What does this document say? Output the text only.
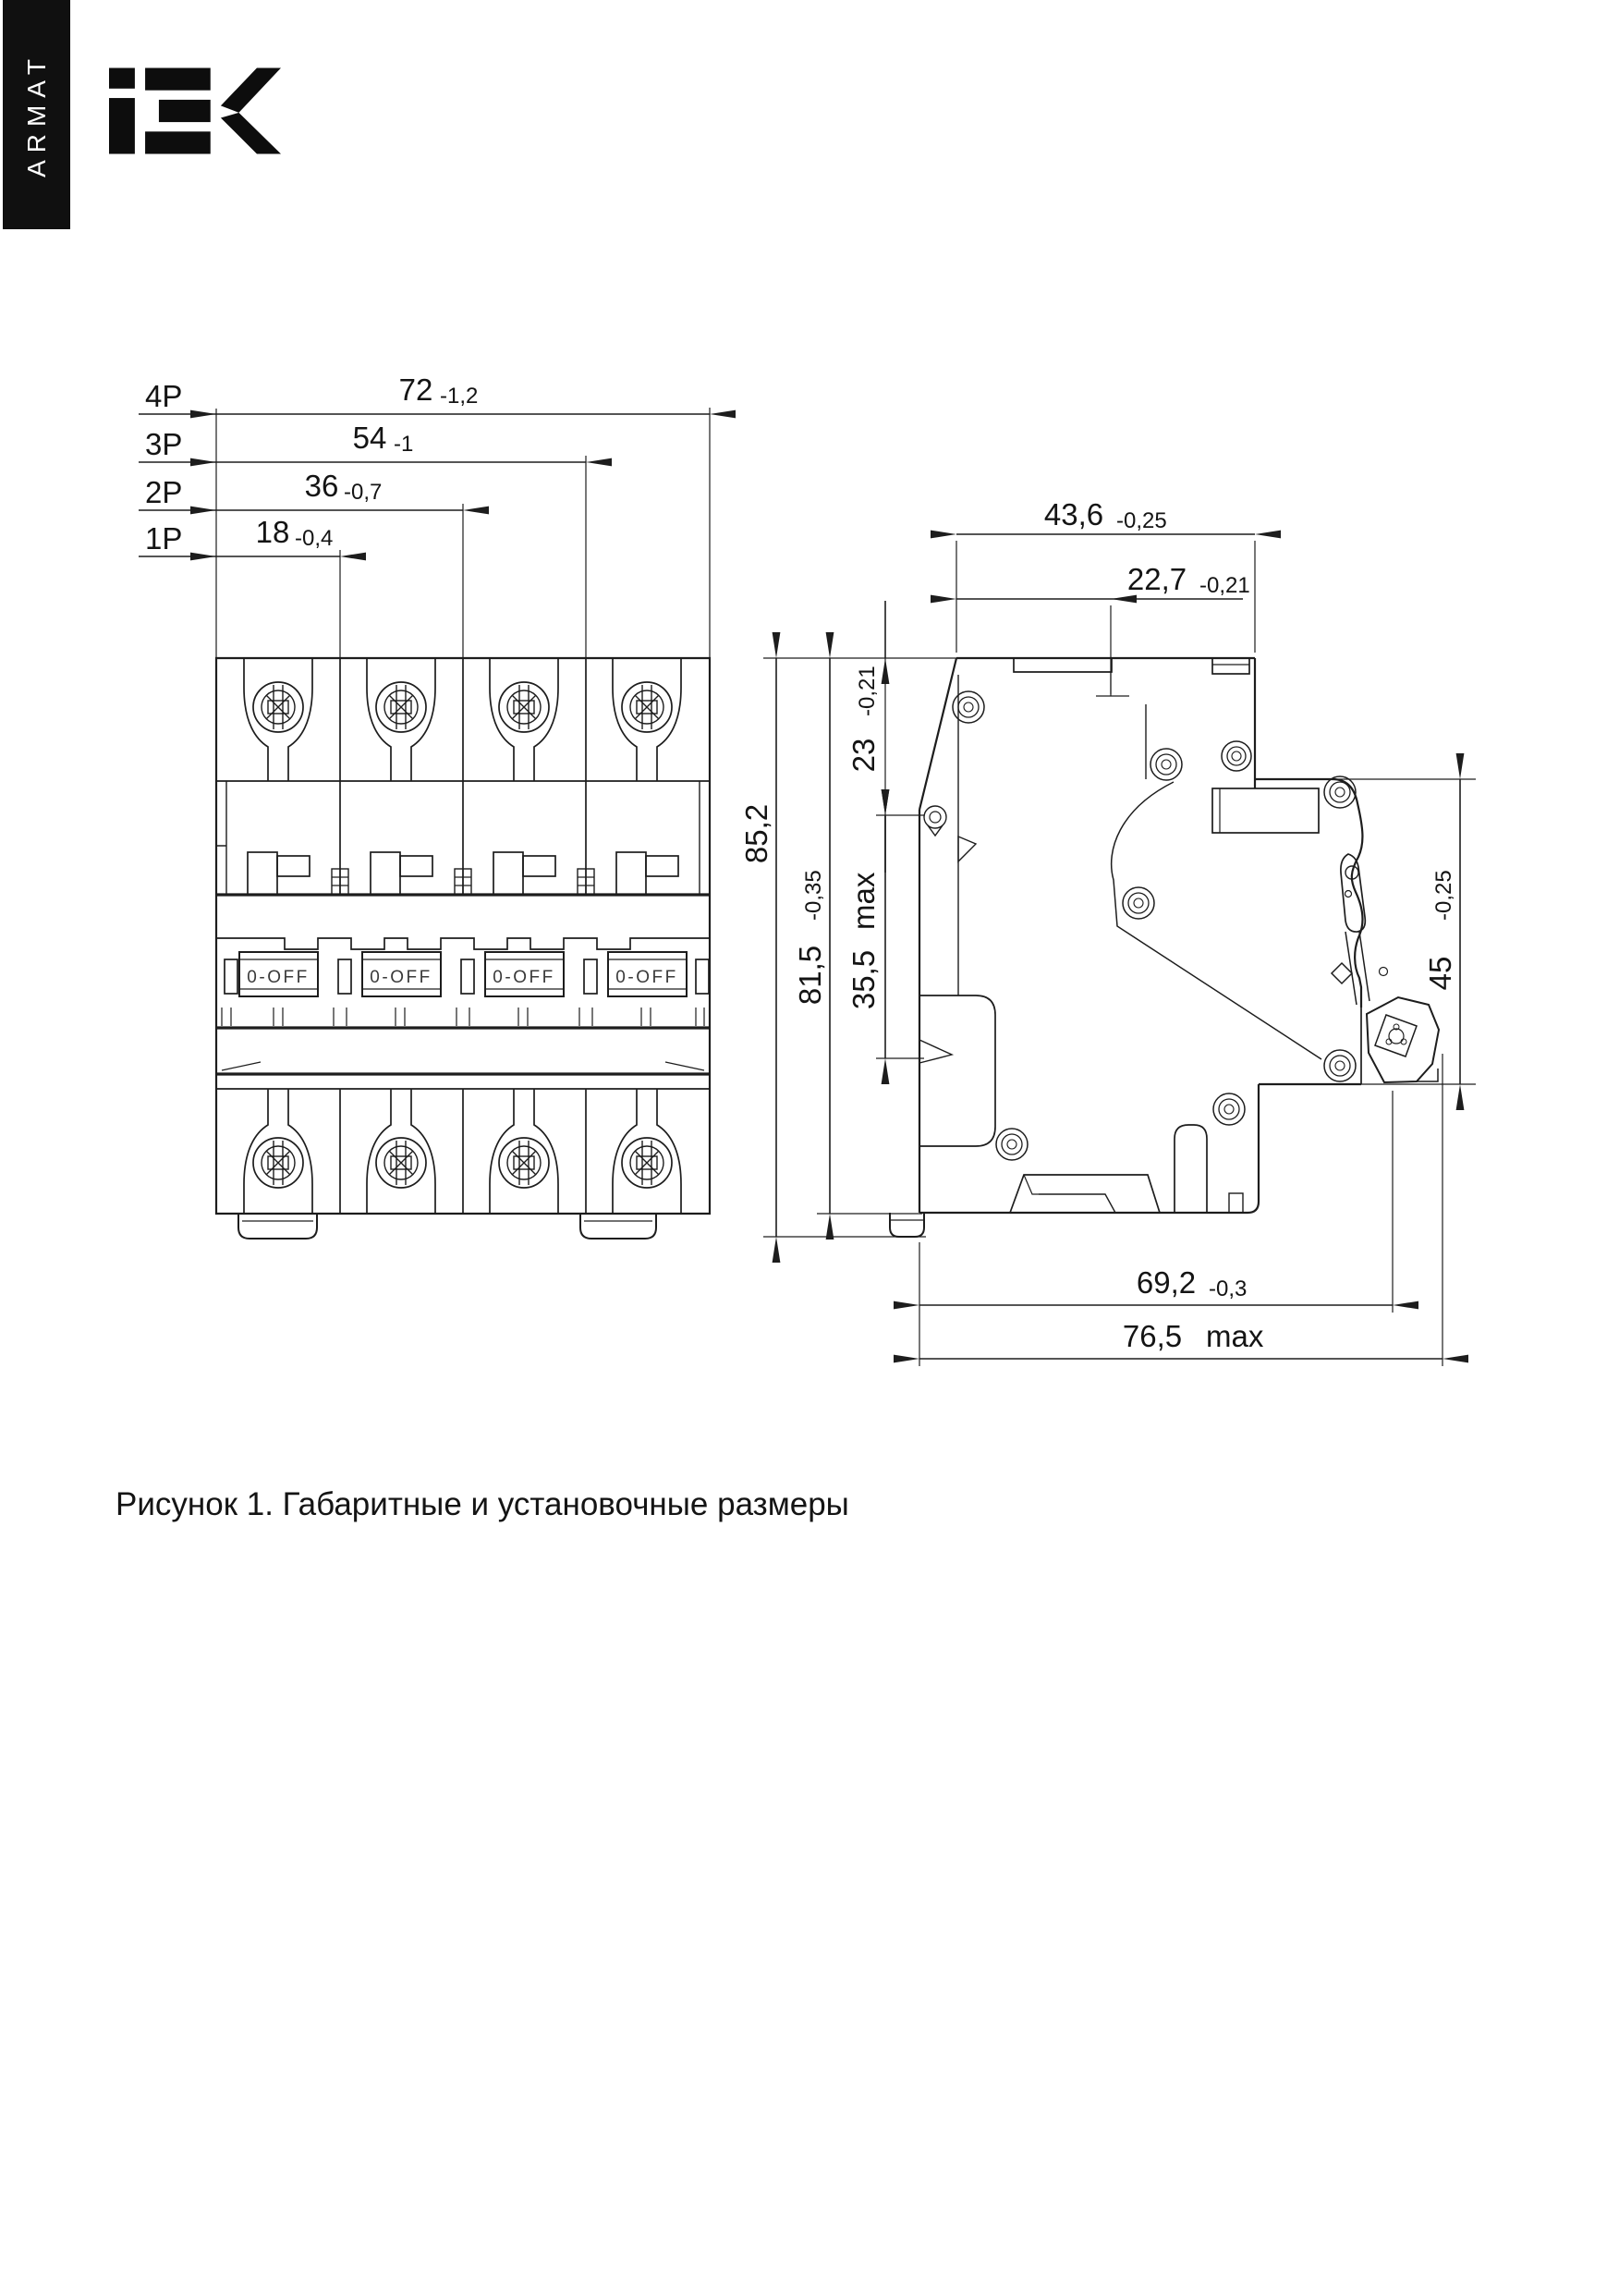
ARMAT
0-OFF	0-OFF	0-OFF	0-OFF
4P	72 -1,2
3P	54 -1
2P	36 -0,7
1P 18 -0,4
43,6 -0,25
22,7 -0,21
85,2
81,5
-0,35
23
-0,21
35,5
max
45
-0,25
69,2 -0,3
76,5 max
Рисунок 1. Габаритные и установочные размеры
